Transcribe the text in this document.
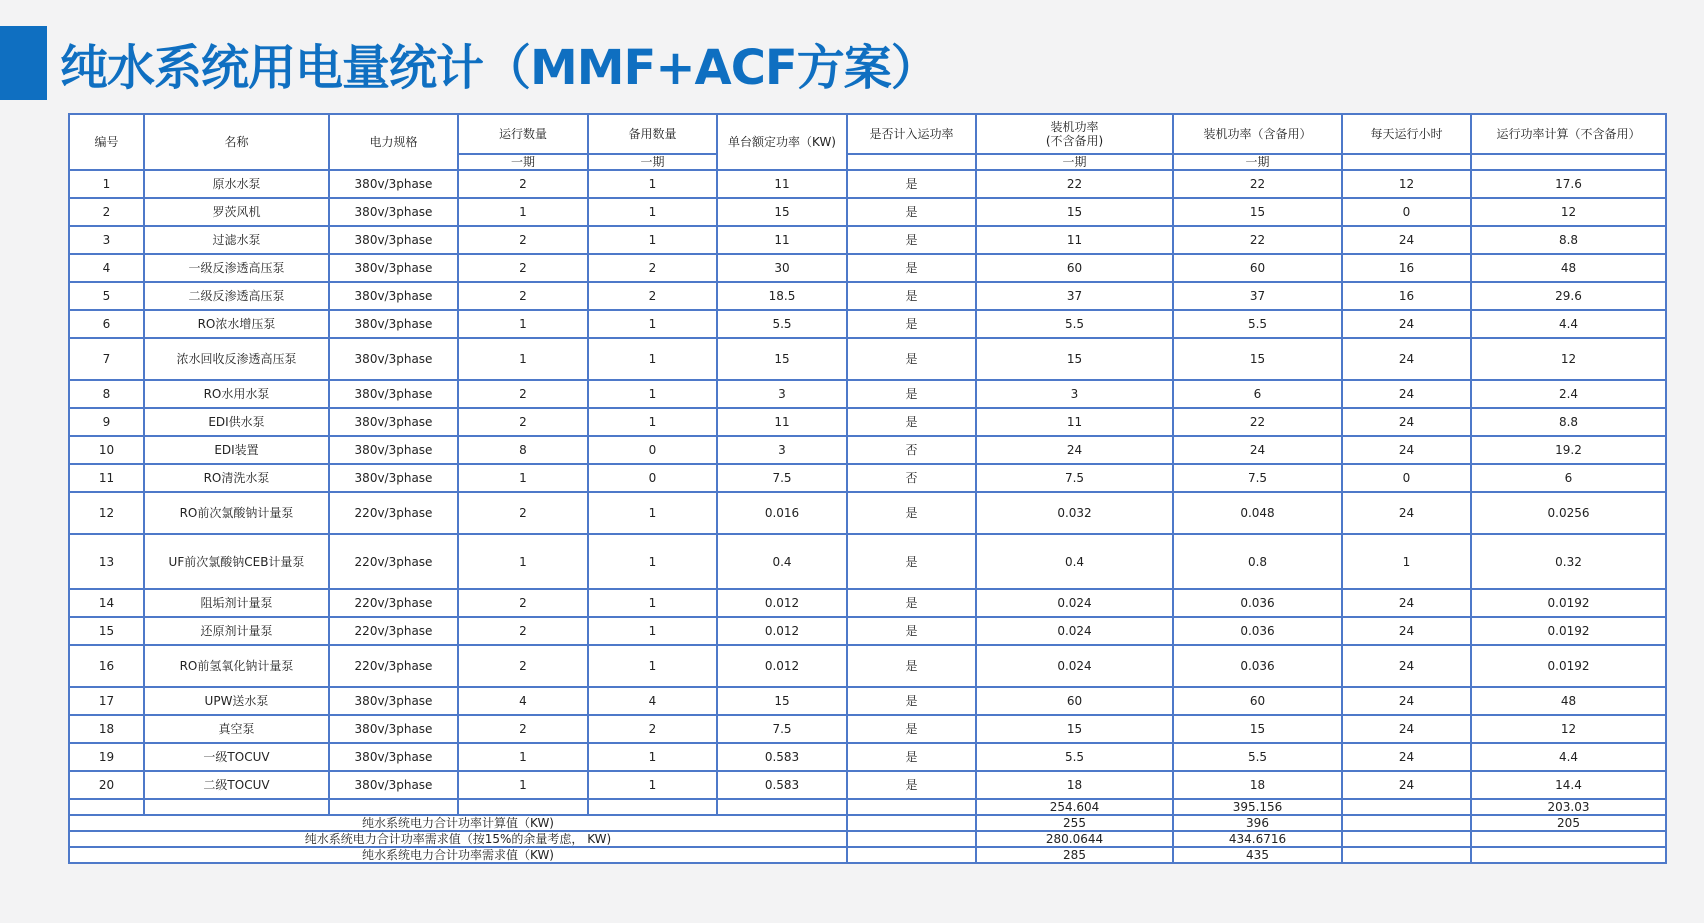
纯水系统用电量统计（MMF+ACF方案）
编号	名称	电力规格	运行数量	备用数量	单台额定功率（KW)	是否计入运功率	装机功率
(不含备用)	装机功率（含备用）	每天运行小时	运行功率计算（不含备用）
			一期	一期			一期	一期		
1	原水水泵	380v/3phase	2	1	11	是	22	22	12	17.6
2	罗茨风机	380v/3phase	1	1	15	是	15	15	0	12
3	过滤水泵	380v/3phase	2	1	11	是	11	22	24	8.8
4	一级反渗透高压泵	380v/3phase	2	2	30	是	60	60	16	48
5	二级反渗透高压泵	380v/3phase	2	2	18.5	是	37	37	16	29.6
6	RO浓水增压泵	380v/3phase	1	1	5.5	是	5.5	5.5	24	4.4
7	浓水回收反渗透高压泵	380v/3phase	1	1	15	是	15	15	24	12
8	RO水用水泵	380v/3phase	2	1	3	是	3	6	24	2.4
9	EDI供水泵	380v/3phase	2	1	11	是	11	22	24	8.8
10	EDI装置	380v/3phase	8	0	3	否	24	24	24	19.2
11	RO清洗水泵	380v/3phase	1	0	7.5	否	7.5	7.5	0	6
12	RO前次氯酸钠计量泵	220v/3phase	2	1	0.016	是	0.032	0.048	24	0.0256
13	UF前次氯酸钠CEB计量泵	220v/3phase	1	1	0.4	是	0.4	0.8	1	0.32
14	阻垢剂计量泵	220v/3phase	2	1	0.012	是	0.024	0.036	24	0.0192
15	还原剂计量泵	220v/3phase	2	1	0.012	是	0.024	0.036	24	0.0192
16	RO前氢氧化钠计量泵	220v/3phase	2	1	0.012	是	0.024	0.036	24	0.0192
17	UPW送水泵	380v/3phase	4	4	15	是	60	60	24	48
18	真空泵	380v/3phase	2	2	7.5	是	15	15	24	12
19	一级TOCUV	380v/3phase	1	1	0.583	是	5.5	5.5	24	4.4
20	二级TOCUV	380v/3phase	1	1	0.583	是	18	18	24	14.4
							254.604	395.156		203.03
纯水系统电力合计功率计算值（KW)							255	396		205
纯水系统电力合计功率需求值（按15%的余量考虑， KW)							280.0644	434.6716		
纯水系统电力合计功率需求值（KW)							285	435		
